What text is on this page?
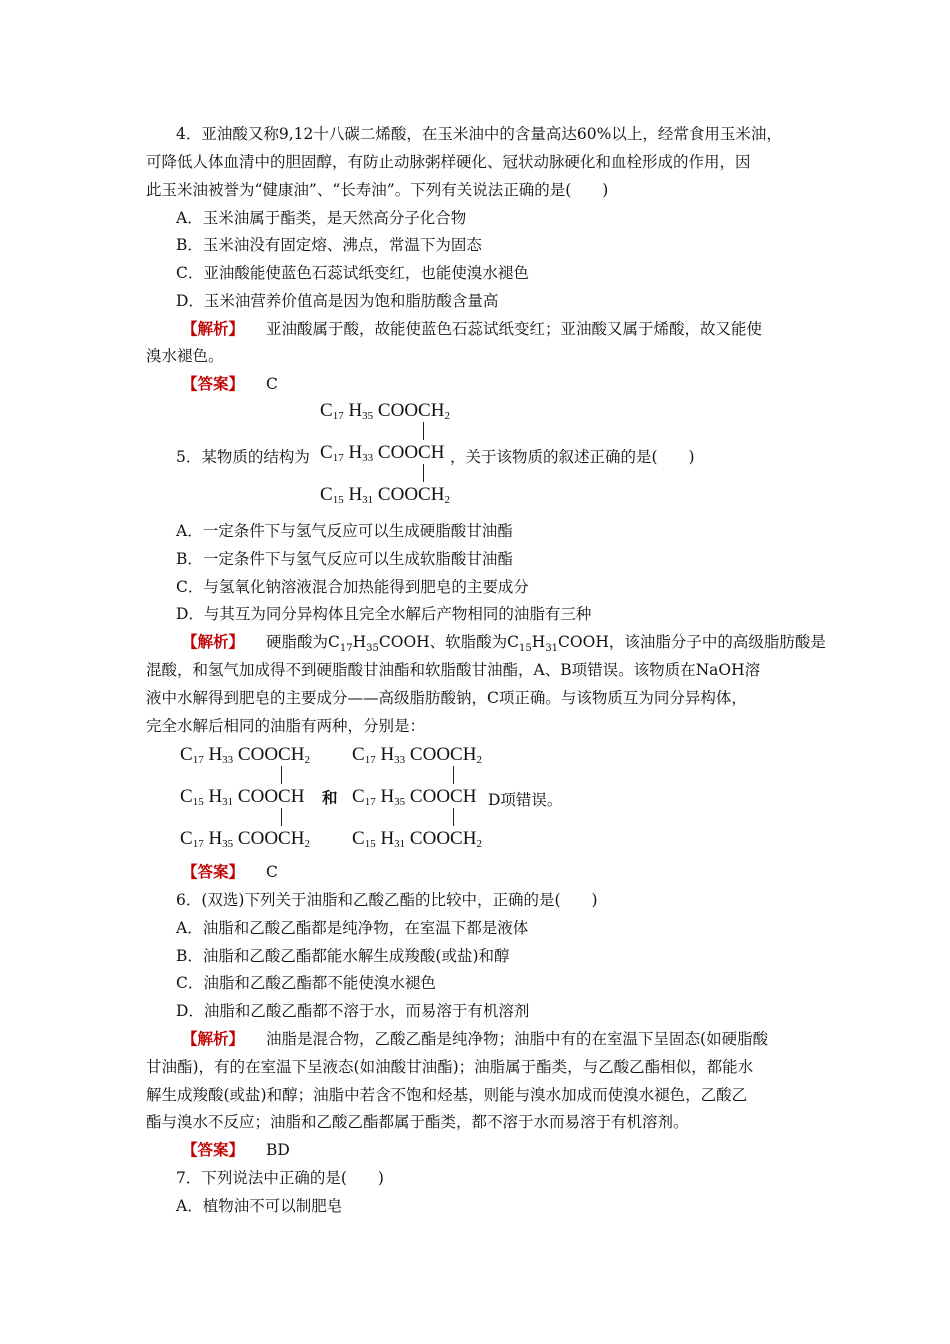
4．亚油酸又称9,12十八碳二烯酸，在玉米油中的含量高达60%以上，经常食用玉米油，
可降低人体血清中的胆固醇，有防止动脉粥样硬化、冠状动脉硬化和血栓形成的作用，因
此玉米油被誉为“健康油”、“长寿油”。下列有关说法正确的是(　　)
A．玉米油属于酯类，是天然高分子化合物
B．玉米油没有固定熔、沸点，常温下为固态
C．亚油酸能使蓝色石蕊试纸变红，也能使溴水褪色
D．玉米油营养价值高是因为饱和脂肪酸含量高
【解析】 亚油酸属于酸，故能使蓝色石蕊试纸变红；亚油酸又属于烯酸，故又能使
溴水褪色。
【答案】 C
$C_{17}$ $H_{35}$ $COOCH_2$
$C_{17}$ $H_{33}$ COOCH
$C_{15}$ $H_{31}$ $COOCH_2$
5．某物质的结构为	，关于该物质的叙述正确的是(　　)
A．一定条件下与氢气反应可以生成硬脂酸甘油酯
B．一定条件下与氢气反应可以生成软脂酸甘油酯
C．与氢氧化钠溶液混合加热能得到肥皂的主要成分
D．与其互为同分异构体且完全水解后产物相同的油脂有三种
【解析】 硬脂酸为$C_{17}H_{35}COOH$、软脂酸为$C_{15}H_{31}COOH$，该油脂分子中的高级脂肪酸是
混酸，和氢气加成得不到硬脂酸甘油酯和软脂酸甘油酯，A、B项错误。该物质在NaOH溶
液中水解得到肥皂的主要成分——高级脂肪酸钠，C项正确。与该物质互为同分异构体，
完全水解后相同的油脂有两种，分别是：
$C_{17}$ $H_{33}$ $COOCH_2$
$C_{15}$ $H_{31}$ COOCH
$C_{17}$ $H_{35}$ $COOCH_2$
和
$C_{17}$ $H_{33}$ $COOCH_2$
$C_{17}$ $H_{35}$ COOCH
$C_{15}$ $H_{31}$ $COOCH_2$
D项错误。
【答案】 C
6．(双选)下列关于油脂和乙酸乙酯的比较中，正确的是(　　)
A．油脂和乙酸乙酯都是纯净物，在室温下都是液体
B．油脂和乙酸乙酯都能水解生成羧酸(或盐)和醇
C．油脂和乙酸乙酯都不能使溴水褪色
D．油脂和乙酸乙酯都不溶于水，而易溶于有机溶剂
【解析】 油脂是混合物，乙酸乙酯是纯净物；油脂中有的在室温下呈固态(如硬脂酸
甘油酯)，有的在室温下呈液态(如油酸甘油酯)；油脂属于酯类，与乙酸乙酯相似，都能水
解生成羧酸(或盐)和醇；油脂中若含不饱和烃基，则能与溴水加成而使溴水褪色，乙酸乙
酯与溴水不反应；油脂和乙酸乙酯都属于酯类，都不溶于水而易溶于有机溶剂。
【答案】 BD
7．下列说法中正确的是(　　)
A．植物油不可以制肥皂
